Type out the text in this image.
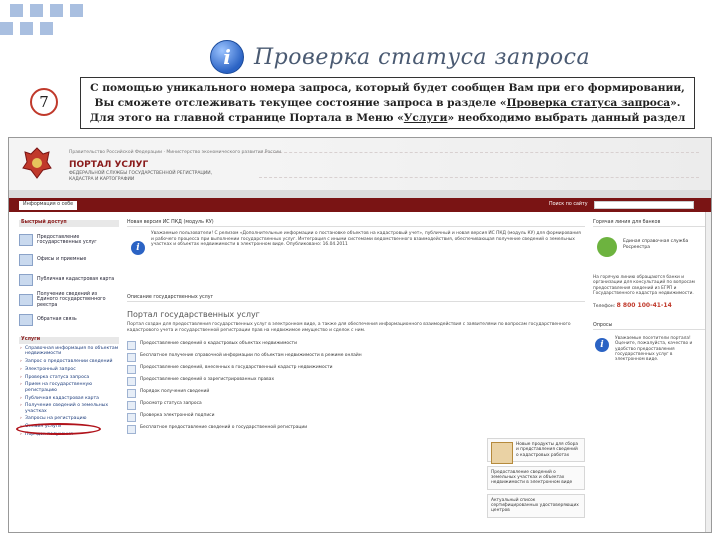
i	Проверка статуса запроса
7
С помощью уникального номера запроса, который будет сообщен Вам при его формировании, Вы сможете отслеживать текущее состояние запроса в разделе «Проверка статуса запроса». Для этого на главной странице Портала в Меню «Услуги» необходимо выбрать данный раздел
Правительство Российской Федерации · Министерство экономического развития России
ПОРТАЛ УСЛУГ
ФЕДЕРАЛЬНОЙ СЛУЖБЫ ГОСУДАРСТВЕННОЙ РЕГИСТРАЦИИ, КАДАСТРА И КАРТОГРАФИИ
Информация о себе	Поиск по сайту
Быстрый доступ
Предоставление государственных услуг
Офисы и приемные
Публичная кадастровая карта
Получение сведений из Единого государственного реестра
Обратная связь
Услуги
› Справочная информация по объектам недвижимости
› Запрос о предоставлении сведений
› Электронный запрос
› Проверка статуса запроса
› Прием на государственную регистрацию
› Публичная кадастровая карта
› Получение сведений о земельных участках
› Запросы на регистрацию
› Онлайн услуги
› Порядок получения
Новая версия ИС ПКД (модуль КУ)
i
Уважаемые пользователи! С релизом «Дополнительные информации о постановке объектов на кадастровый учет», публичный и новая версия ИС ПКД (модуль КУ) для формирования и рабочего процесса при выполнении государственных услуг. Интеграция с иными системами ведомственного взаимодействия, обеспечивающая получение сведений о земельных участках и объектах недвижимости в электронном виде. Опубликовано: 16.04.2011
Описание государственных услуг
Портал государственных услуг
Портал создан для предоставления государственных услуг в электронном виде, а также для обеспечения информационного взаимодействия с заявителями по вопросам государственного кадастрового учета и государственной регистрации прав на недвижимое имущество и сделок с ним.
Предоставление сведений о кадастровых объектах недвижимости
Бесплатное получение справочной информации по объектам недвижимости в режиме онлайн
Предоставление сведений, внесенных в государственный кадастр недвижимости
Предоставление сведений о зарегистрированных правах
Порядок получения сведений
Просмотр статуса запроса
Проверка электронной подписи
Бесплатное предоставление сведений о государственной регистрации
Новые продукты для сбора и представления сведений о кадастровых работах
Предоставление сведений о земельных участках и объектах недвижимости в электронном виде
Актуальный список сертифицированных удостоверяющих центров
Горячая линия для банков
Единая справочная служба Росреестра
На горячую линию обращаются банки и организации для консультаций по вопросам предоставления сведений из ЕГРП и Государственного кадастра недвижимости.
Телефон: 8 800 100-41-14
Опросы
i
Уважаемые посетители портала! Оцените, пожалуйста, качество и удобство предоставления государственных услуг в электронном виде.
